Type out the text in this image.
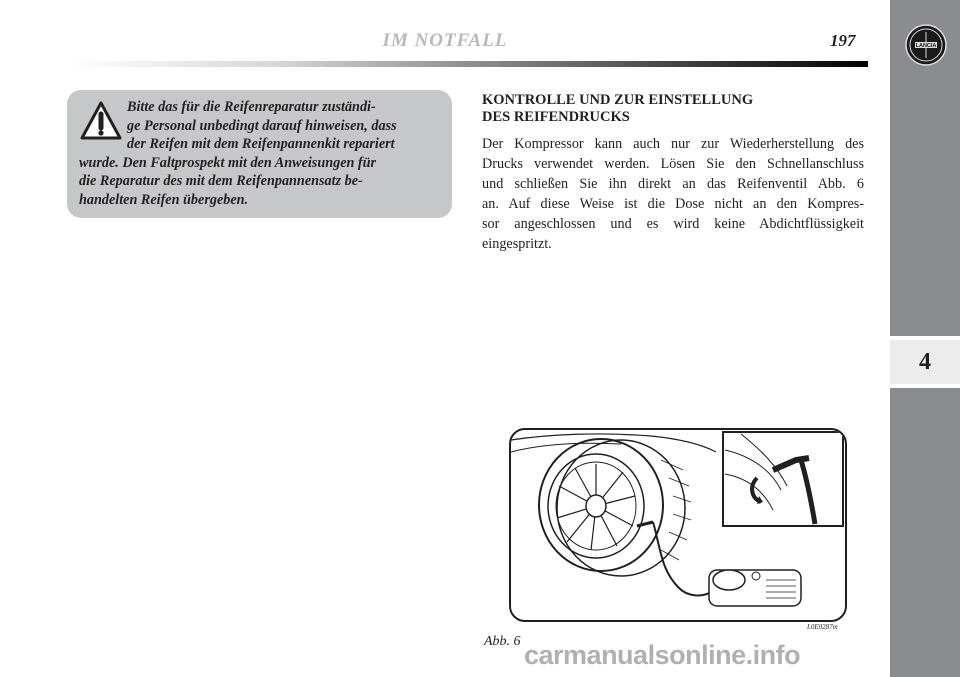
4
LANCIA
IM NOTFALL	197
Bitte das für die Reifenreparatur zuständi-
ge Personal unbedingt darauf hinweisen, dass
der Reifen mit dem Reifenpannenkit repariert
wurde. Den Faltprospekt mit den Anweisungen für
die Reparatur des mit dem Reifenpannensatz be-
handelten Reifen übergeben.
KONTROLLE UND ZUR EINSTELLUNG
DES REIFENDRUCKS
Der Kompressor kann auch nur zur Wiederherstellung des
Drucks verwendet werden. Lösen Sie den Schnellanschluss
und schließen Sie ihn direkt an das Reifenventil Abb. 6
an. Auf diese Weise ist die Dose nicht an den Kompres-
sor angeschlossen und es wird keine Abdichtflüssigkeit
eingespritzt.
L0E0287m
Abb. 6 carmanualsonline.info
